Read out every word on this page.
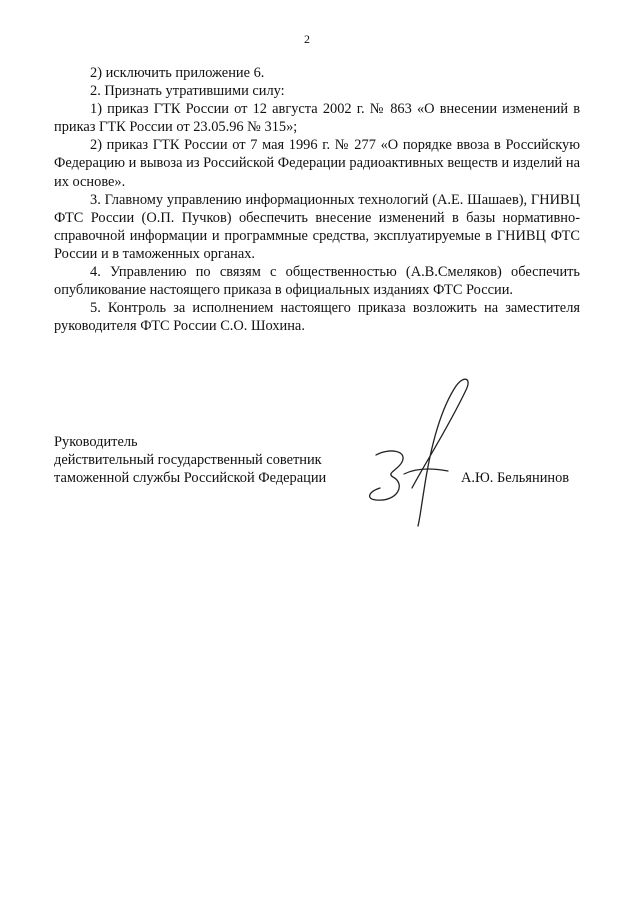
2

2) исключить приложение 6.

2. Признать утратившими силу:

1) приказ ГТК России от 12 августа 2002 г. № 863 «О внесении изменений в приказ ГТК России от 23.05.96 № 315»;

2) приказ ГТК России от 7 мая 1996 г. № 277 «О порядке ввоза в Российскую Федерацию и вывоза из Российской Федерации радиоактивных веществ и изделий на их основе».

3. Главному управлению информационных технологий (А.Е. Шашаев), ГНИВЦ ФТС России (О.П. Пучков) обеспечить внесение изменений в базы нормативно-справочной информации и программные средства, эксплуатируемые в ГНИВЦ ФТС России и в таможенных органах.

4. Управлению по связям с общественностью (А.В.Смеляков) обеспечить опубликование настоящего приказа в официальных изданиях ФТС России.

5. Контроль за исполнением настоящего приказа возложить на заместителя руководителя ФТС России С.О. Шохина.

Руководитель
действительный государственный советник
таможенной службы Российской Федерации	А.Ю. Бельянинов
